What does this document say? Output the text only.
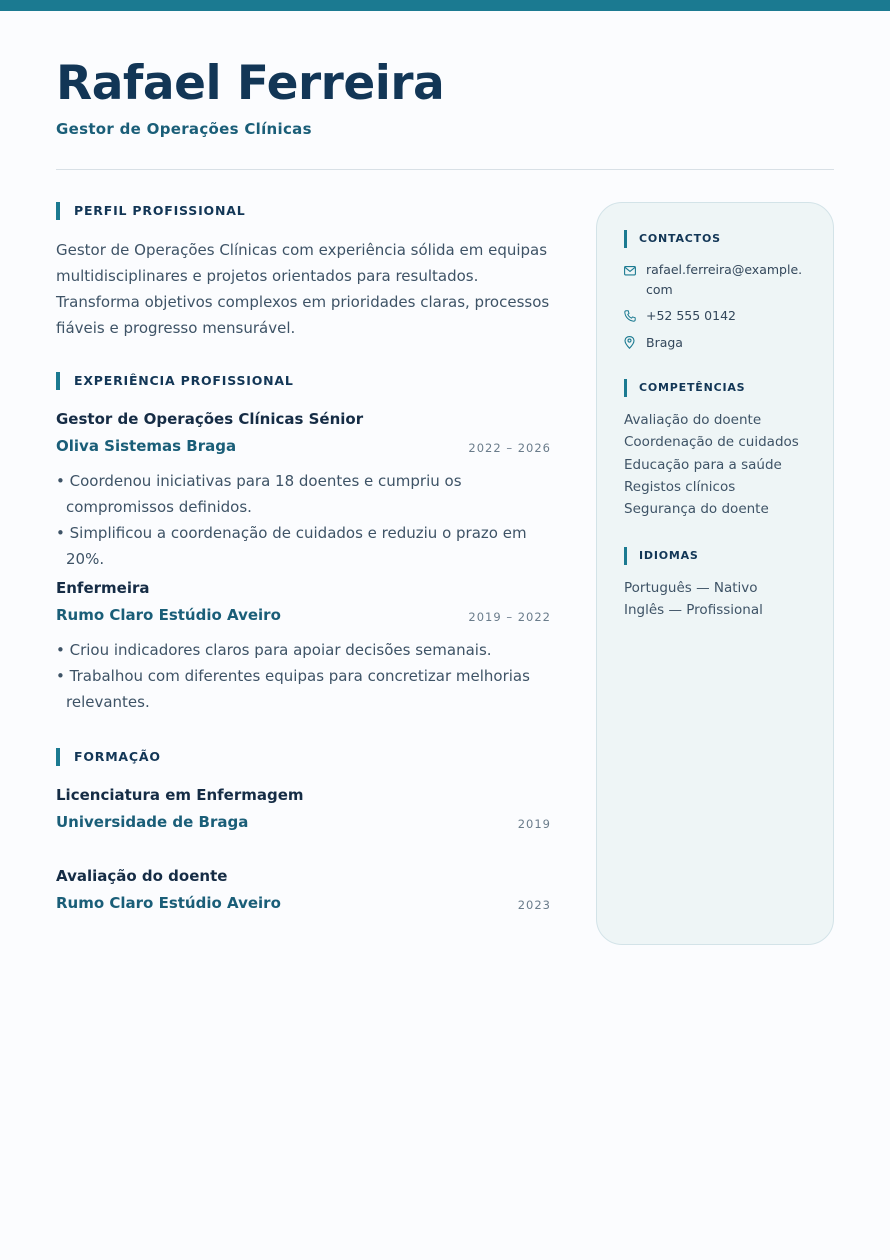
Rafael Ferreira
Gestor de Operações Clínicas
PERFIL PROFISSIONAL

Gestor de Operações Clínicas com experiência sólida em equipas multidisciplinares e projetos orientados para resultados. Transforma objetivos complexos em prioridades claras, processos fiáveis e progresso mensurável.

EXPERIÊNCIA PROFISSIONAL
Gestor de Operações Clínicas Sénior
Oliva Sistemas Braga	2022 – 2026
• Coordenou iniciativas para 18 doentes e cumpriu os compromissos definidos.
• Simplificou a coordenação de cuidados e reduziu o prazo em 20%.
Enfermeira
Rumo Claro Estúdio Aveiro	2019 – 2022
• Criou indicadores claros para apoiar decisões semanais.
• Trabalhou com diferentes equipas para concretizar melhorias relevantes.
FORMAÇÃO
Licenciatura em Enfermagem
Universidade de Braga	2019
Avaliação do doente
Rumo Claro Estúdio Aveiro	2023
CONTACTOS
rafael.ferreira@example.com
+52 555 0142
Braga
COMPETÊNCIAS
Avaliação do doente
Coordenação de cuidados
Educação para a saúde
Registos clínicos
Segurança do doente
IDIOMAS
Português — Nativo
Inglês — Profissional
